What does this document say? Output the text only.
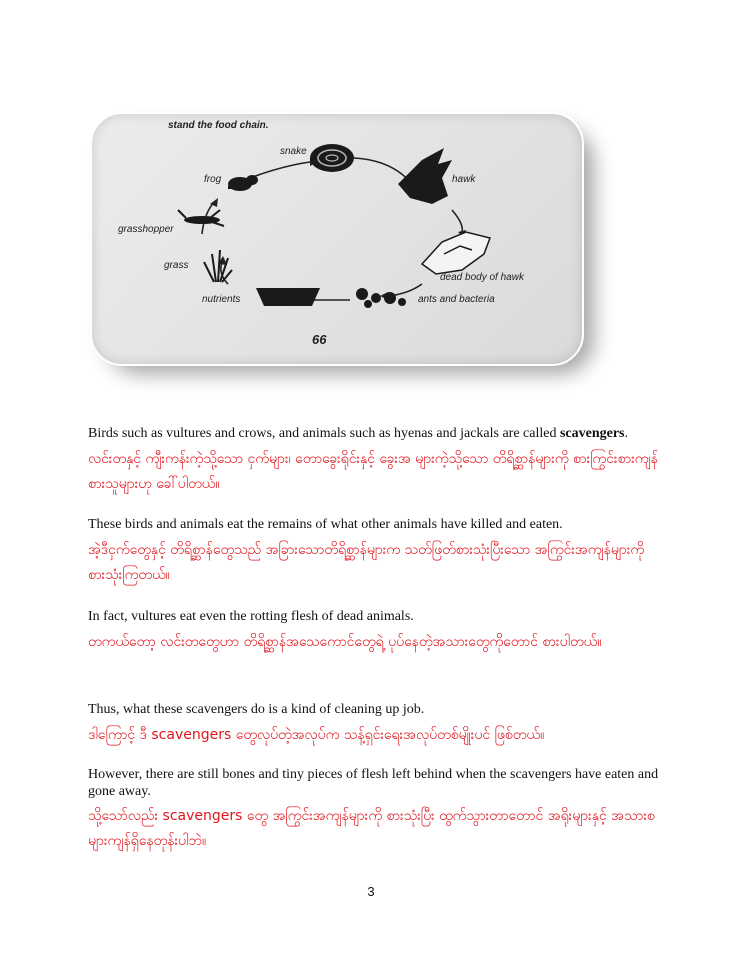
stand the food chain.
snake
hawk
frog
grasshopper
grass
nutrients	ants and bacteria
dead body of hawk
66
Birds such as vultures and crows, and animals such as hyenas and jackals are called scavengers.
လင်းတနှင့် ကျီးကန်းကဲ့သို့သော ငှက်များ၊ တောခွေးရိုင်းနှင့် ခွေးအ များကဲ့သို့သော တိရိစ္ဆာန်များကို စားကြွင်းစားကျန်စားသူများဟု ခေါ်ပါတယ်။
These birds and animals eat the remains of what other animals have killed and eaten.
အဲ့ဒီငှက်တွေနှင့် တိရိစ္ဆာန်တွေသည် အခြားသောတိရိစ္ဆာန်များက သတ်ဖြတ်စားသုံးပြီးသော အကြွင်းအကျန်များကို စားသုံးကြတယ်။
In fact, vultures eat even the rotting flesh of dead animals.
တကယ်တော့ လင်းတတွေဟာ တိရိစ္ဆာန်အသေကောင်တွေရဲ့ ပုပ်နေတဲ့အသားတွေကိုတောင် စားပါတယ်။
Thus, what these scavengers do is a kind of cleaning up job.
ဒါကြောင့် ဒီ scavengers တွေလုပ်တဲ့အလုပ်က သန့်ရှင်းရေးအလုပ်တစ်မျိုးပင် ဖြစ်တယ်။
However, there are still bones and tiny pieces of flesh left behind when the scavengers have eaten and gone away.
သို့သော်လည်း scavengers တွေ အကြွင်းအကျန်များကို စားသုံးပြီး ထွက်သွားတာတောင် အရိုးများနှင့် အသားစများကျန်ရှိနေတုန်းပါဘဲ။
3
